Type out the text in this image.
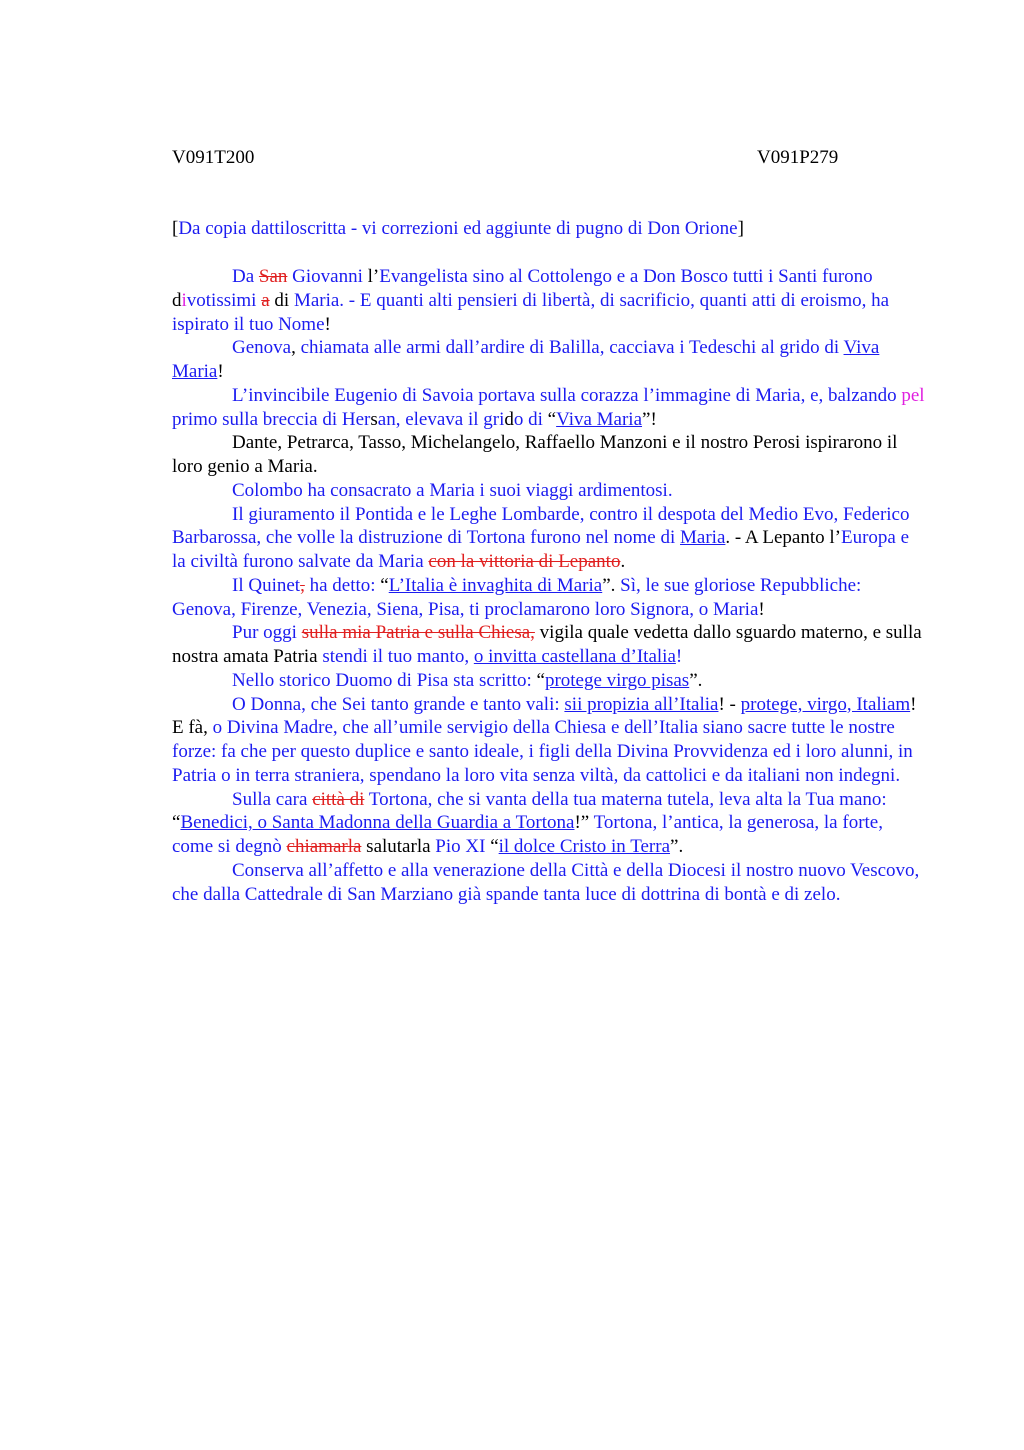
V091T200	V091P279
[Da copia dattiloscritta - vi correzioni ed aggiunte di pugno di Don Orione]

Da San Giovanni l’Evangelista sino al Cottolengo e a Don Bosco tutti i Santi furono divotissimi a di Maria. - E quanti alti pensieri di libertà, di sacrificio, quanti atti di eroismo, ha ispirato il tuo Nome!

Genova, chiamata alle armi dall’ardire di Balilla, cacciava i Tedeschi al grido di Viva Maria!

L’invincibile Eugenio di Savoia portava sulla corazza l’immagine di Maria, e, balzando pel primo sulla breccia di Hersan, elevava il grido di “Viva Maria”!

Dante, Petrarca, Tasso, Michelangelo, Raffaello Manzoni e il nostro Perosi ispirarono il loro genio a Maria.

Colombo ha consacrato a Maria i suoi viaggi ardimentosi.

Il giuramento il Pontida e le Leghe Lombarde, contro il despota del Medio Evo, Federico Barbarossa, che volle la distruzione di Tortona furono nel nome di Maria. - A Lepanto l’Europa e la civiltà furono salvate da Maria con la vittoria di Lepanto.

Il Quinet, ha detto: “L’Italia è invaghita di Maria”. Sì, le sue gloriose Repubbliche: Genova, Firenze, Venezia, Siena, Pisa, ti proclamarono loro Signora, o Maria!

Pur oggi sulla mia Patria e sulla Chiesa, vigila quale vedetta dallo sguardo materno, e sulla nostra amata Patria stendi il tuo manto, o invitta castellana d’Italia!

Nello storico Duomo di Pisa sta scritto: “protege virgo pisas”.

O Donna, che Sei tanto grande e tanto vali: sii propizia all’Italia! - protege, virgo, Italiam! E fà, o Divina Madre, che all’umile servigio della Chiesa e dell’Italia siano sacre tutte le nostre forze: fa che per questo duplice e santo ideale, i figli della Divina Provvidenza ed i loro alunni, in Patria o in terra straniera, spendano la loro vita senza viltà, da cattolici e da italiani non indegni.

Sulla cara città di Tortona, che si vanta della tua materna tutela, leva alta la Tua mano: “Benedici, o Santa Madonna della Guardia a Tortona!” Tortona, l’antica, la generosa, la forte, come si degnò chiamarla salutarla Pio XI “il dolce Cristo in Terra”.

Conserva all’affetto e alla venerazione della Città e della Diocesi il nostro nuovo Vescovo, che dalla Cattedrale di San Marziano già spande tanta luce di dottrina di bontà e di zelo.
